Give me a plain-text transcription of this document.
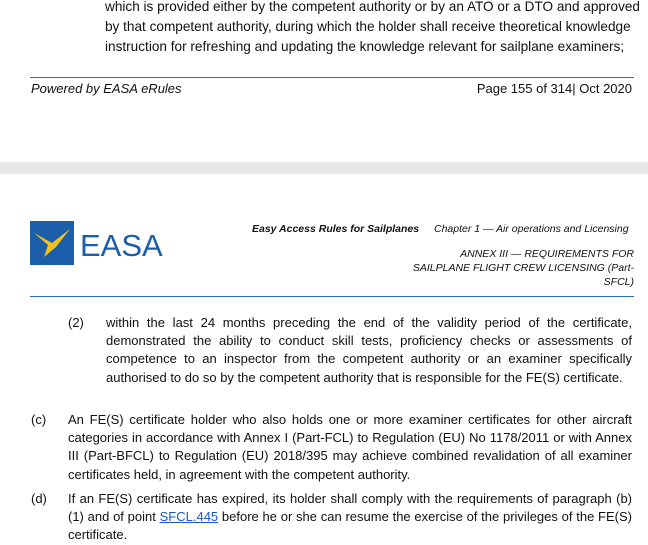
which is provided either by the competent authority or by an ATO or a DTO and approved
by that competent authority, during which the holder shall receive theoretical knowledge
instruction for refreshing and updating the knowledge relevant for sailplane examiners;
Powered by EASA eRules	Page 155 of 314| Oct 2020
EASA	Easy Access Rules for Sailplanes Chapter 1 — Air operations and Licensing
ANNEX III — REQUIREMENTS FOR
SAILPLANE FLIGHT CREW LICENSING (Part-
SFCL)
(2) within the last 24 months preceding the end of the validity period of the certificate, demonstrated the ability to conduct skill tests, proficiency checks or assessments of competence to an inspector from the competent authority or an examiner specifically authorised to do so by the competent authority that is responsible for the FE(S) certificate.
(c) An FE(S) certificate holder who also holds one or more examiner certificates for other aircraft categories in accordance with Annex I (Part-FCL) to Regulation (EU) No 1178/2011 or with Annex III (Part-BFCL) to Regulation (EU) 2018/395 may achieve combined revalidation of all examiner certificates held, in agreement with the competent authority.
(d) If an FE(S) certificate has expired, its holder shall comply with the requirements of paragraph (b)(1) and of point SFCL.445 before he or she can resume the exercise of the privileges of the FE(S) certificate.
